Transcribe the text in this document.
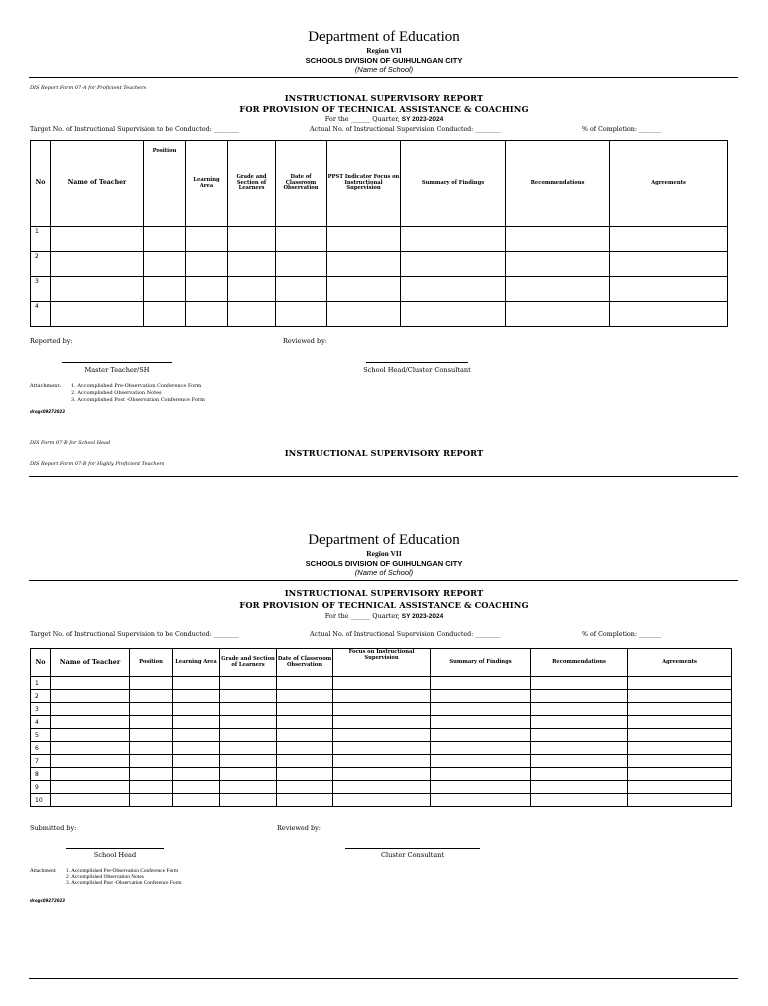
Department of Education
Region VII
SCHOOLS DIVISION OF GUIHULNGAN CITY
(Name of School)
DIS Report Form 07-A for Proficient Teachers
INSTRUCTIONAL SUPERVISORY REPORT
FOR PROVISION OF TECHNICAL ASSISTANCE & COACHING
For the ______ Quarter, SY 2023-2024
Target No. of Instructional Supervision to be Conducted: ________	Actual No. of Instructional Supervision Conducted: ________	% of Completion: _______
No	Name of Teacher	Position	Learning Area	Grade and Section of Learners	Date of Classroom Observation	PPST Indicator Focus on Instructional Supervision	Summary of Findings	Recommendations	Agreements
1									
2									
3									
4									
Reported by:	Reviewed by:
Master Teacher/SH	School Head/Cluster Consultant
Attachment: 1. Accomplished Pre-Observation Conference Form
2. Accomplished Observation Notes
3. Accomplished Post -Observation Conference Form
drogc09272023
DIS Form 07-B for School Head
INSTRUCTIONAL SUPERVISORY REPORT
DIS Report Form 07-B for Highly Proficient Teachers
Department of Education
Region VII
SCHOOLS DIVISION OF GUIHULNGAN CITY
(Name of School)
INSTRUCTIONAL SUPERVISORY REPORT
FOR PROVISION OF TECHNICAL ASSISTANCE & COACHING
For the ______ Quarter, SY 2023-2024
Target No. of Instructional Supervision to be Conducted: ________	Actual No. of Instructional Supervision Conducted: ________	% of Completion: _______
No	Name of Teacher	Position	Learning Area	Grade and Section of Learners	Date of Classroom Observation	Focus on Instructional Supervision	Summary of Findings	Recommendations	Agreements
1									
2									
3									
4									
5									
6									
7									
8									
9									
10									
Submitted by:	Reviewed by:
School Head	Cluster Consultant
Attachment: 1. Accomplished Pre-Observation Conference Form
2. Accomplished Observation Notes
3. Accomplished Post -Observation Conference Form
drogc09272023
